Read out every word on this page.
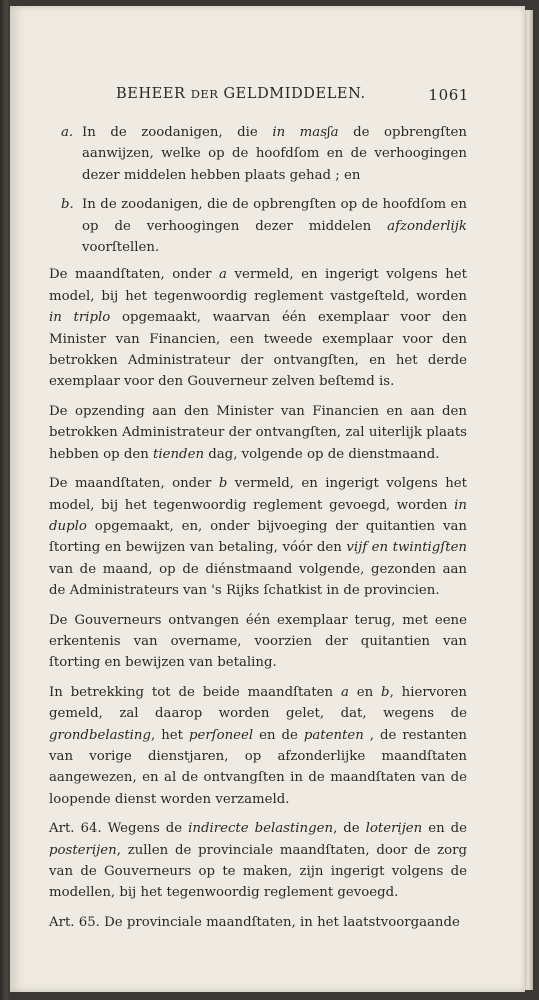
BEHEER DER GELDMIDDELEN.	1061

a. In de zoodanigen, die in masʃa de opbrengſten aanwijzen, welke op de hoofdſom en de verhoogingen dezer middelen hebben plaats gehad ; en

b. In de zoodanigen, die de opbrengſten op de hoofdſom en op de verhoogingen dezer middelen afzonderlijk voorſtellen.

De maandſtaten, onder a vermeld, en ingerigt volgens het model, bij het tegenwoordig reglement vastgeſteld, worden in triplo opgemaakt, waarvan één exemplaar voor den Minister van Financien, een tweede exemplaar voor den betrokken Administrateur der ontvangſten, en het derde exemplaar voor den Gouverneur zelven beſtemd is.

De opzending aan den Minister van Financien en aan den betrokken Administrateur der ontvangſten, zal uiterlijk plaats hebben op den tienden dag, volgende op de dienstmaand.

De maandſtaten, onder b vermeld, en ingerigt volgens het model, bij het tegenwoordig reglement gevoegd, worden in duplo opgemaakt, en, onder bijvoeging der quitantien van ſtorting en bewijzen van betaling, vóór den vijf en twintigſten van de maand, op de diénstmaand volgende, gezonden aan de Administrateurs van 's Rijks ſchatkist in de provincien.

De Gouverneurs ontvangen één exemplaar terug, met eene erkentenis van overname, voorzien der quitantien van ſtorting en bewijzen van betaling.

In betrekking tot de beide maandſtaten a en b, hiervoren gemeld, zal daarop worden gelet, dat, wegens de grondbelasting, het perſoneel en de patenten , de restanten van vorige dienstjaren, op afzonderlijke maandſtaten aangewezen, en al de ontvangſten in de maandſtaten van de loopende dienst worden verzameld.

Art. 64. Wegens de indirecte belastingen, de loterijen en de posterijen, zullen de provinciale maandſtaten, door de zorg van de Gouverneurs op te maken, zijn ingerigt volgens de modellen, bij het tegenwoordig reglement gevoegd.

Art. 65. De provinciale maandſtaten, in het laatstvoorgaande
